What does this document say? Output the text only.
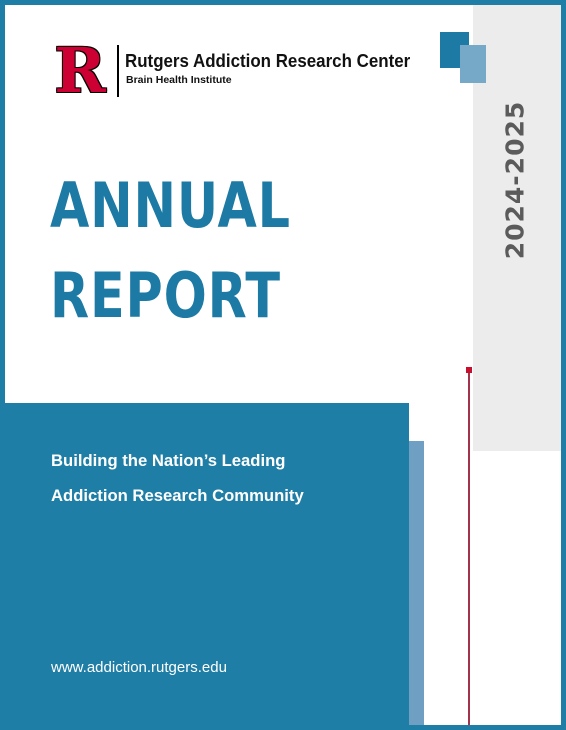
2024-2025
R Rutgers Addiction Research Center
Brain Health Institute
ANNUAL
REPORT
Building the Nation’s Leading
Addiction Research Community
www.addiction.rutgers.edu
